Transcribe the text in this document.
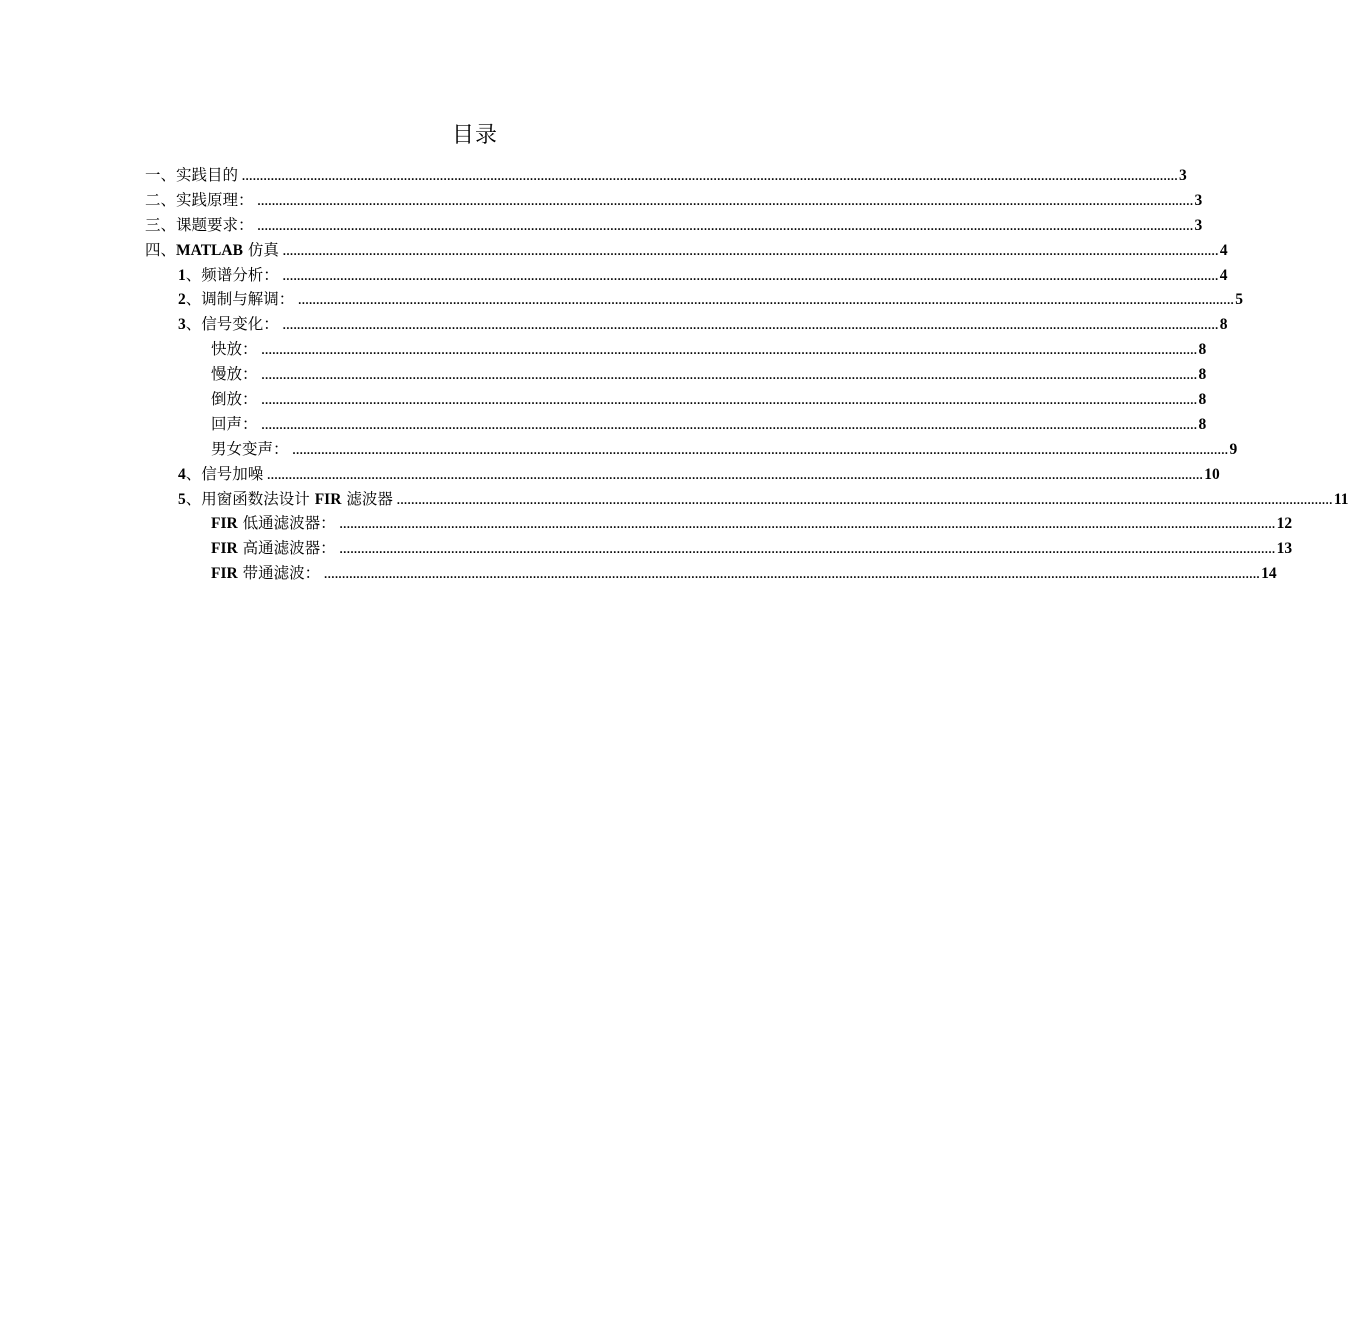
目录
一、实践目的 .................................................................................................................................................................................................................................................................... 3
二、实践原理： .................................................................................................................................................................................................................................................................... 3
三、课题要求： .................................................................................................................................................................................................................................................................... 3
四、MATLAB 仿真 .................................................................................................................................................................................................................................................................... 4
1、频谱分析： .................................................................................................................................................................................................................................................................... 4
2、调制与解调： .................................................................................................................................................................................................................................................................... 5
3、信号变化： .................................................................................................................................................................................................................................................................... 8
快放： .................................................................................................................................................................................................................................................................... 8
慢放： .................................................................................................................................................................................................................................................................... 8
倒放： .................................................................................................................................................................................................................................................................... 8
回声： .................................................................................................................................................................................................................................................................... 8
男女变声： .................................................................................................................................................................................................................................................................... 9
4、信号加噪 .................................................................................................................................................................................................................................................................... 10
5、用窗函数法设计 FIR 滤波器 .................................................................................................................................................................................................................................................................... 11
FIR 低通滤波器： .................................................................................................................................................................................................................................................................... 12
FIR 高通滤波器： .................................................................................................................................................................................................................................................................... 13
FIR 带通滤波： .................................................................................................................................................................................................................................................................... 14
